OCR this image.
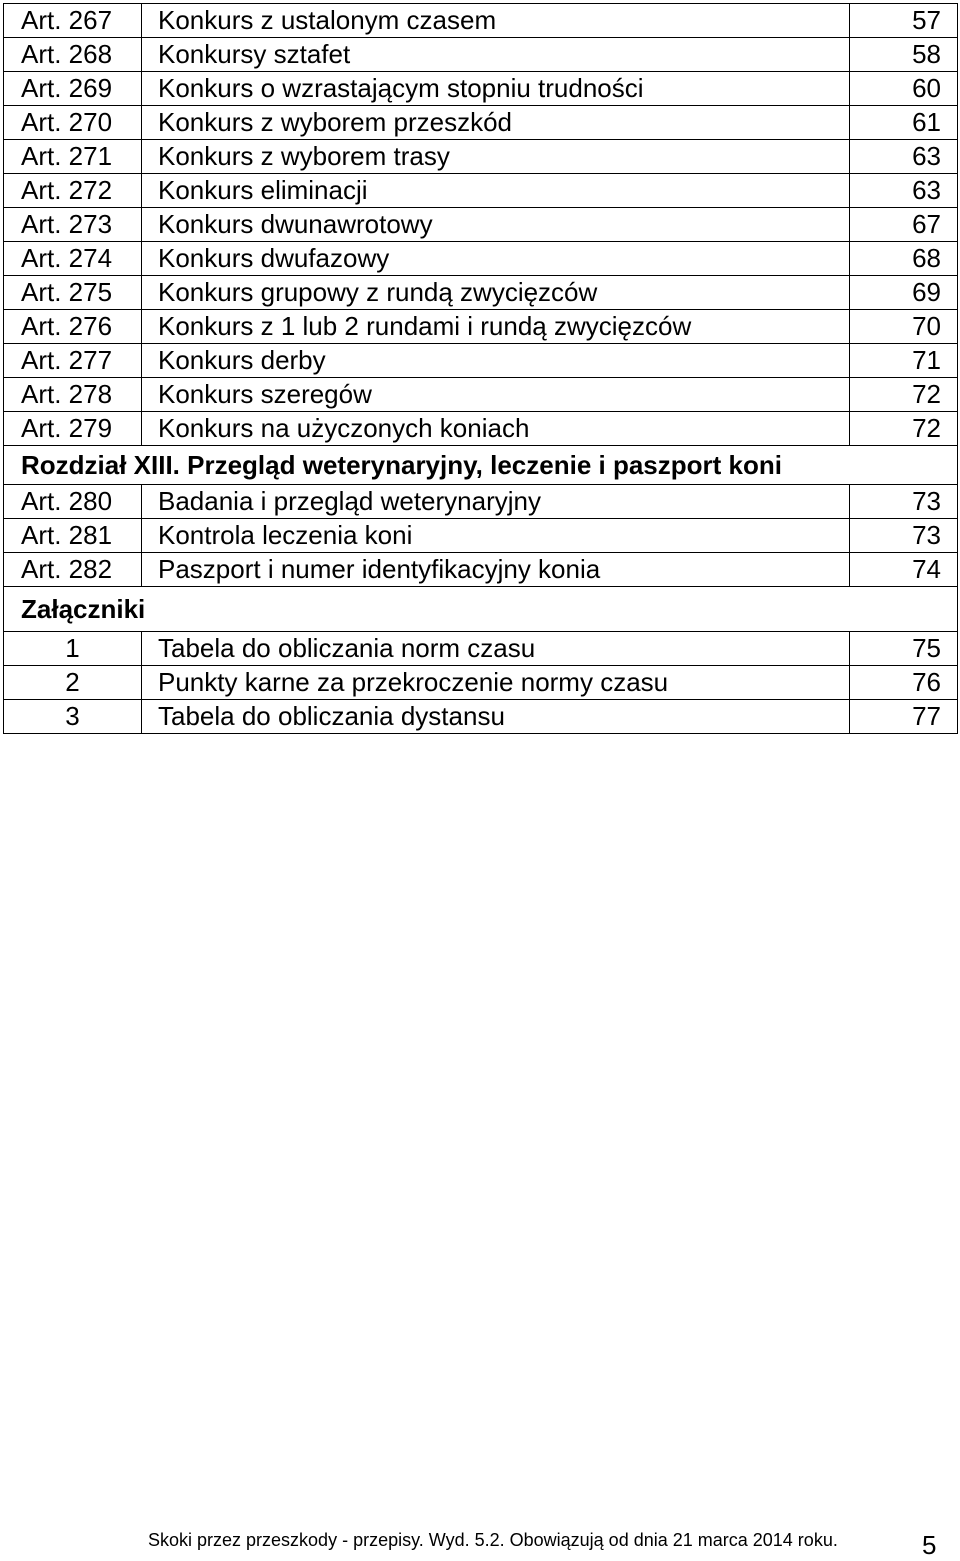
Art. 267	Konkurs z ustalonym czasem	57
Art. 268	Konkursy sztafet	58
Art. 269	Konkurs o wzrastającym stopniu trudności	60
Art. 270	Konkurs z wyborem przeszkód	61
Art. 271	Konkurs z wyborem trasy	63
Art. 272	Konkurs eliminacji	63
Art. 273	Konkurs dwunawrotowy	67
Art. 274	Konkurs dwufazowy	68
Art. 275	Konkurs grupowy z rundą zwycięzców	69
Art. 276	Konkurs z 1 lub 2 rundami i rundą zwycięzców	70
Art. 277	Konkurs derby	71
Art. 278	Konkurs szeregów	72
Art. 279	Konkurs na użyczonych koniach	72
Rozdział XIII. Przegląd weterynaryjny, leczenie i paszport koni		
Art. 280	Badania i przegląd weterynaryjny	73
Art. 281	Kontrola leczenia koni	73
Art. 282	Paszport i numer identyfikacyjny konia	74
Załączniki		
1	Tabela do obliczania norm czasu	75
2	Punkty karne za przekroczenie normy czasu	76
3	Tabela do obliczania dystansu	77
Skoki przez przeszkody - przepisy. Wyd. 5.2. Obowiązują od dnia 21 marca 2014 roku.	5
